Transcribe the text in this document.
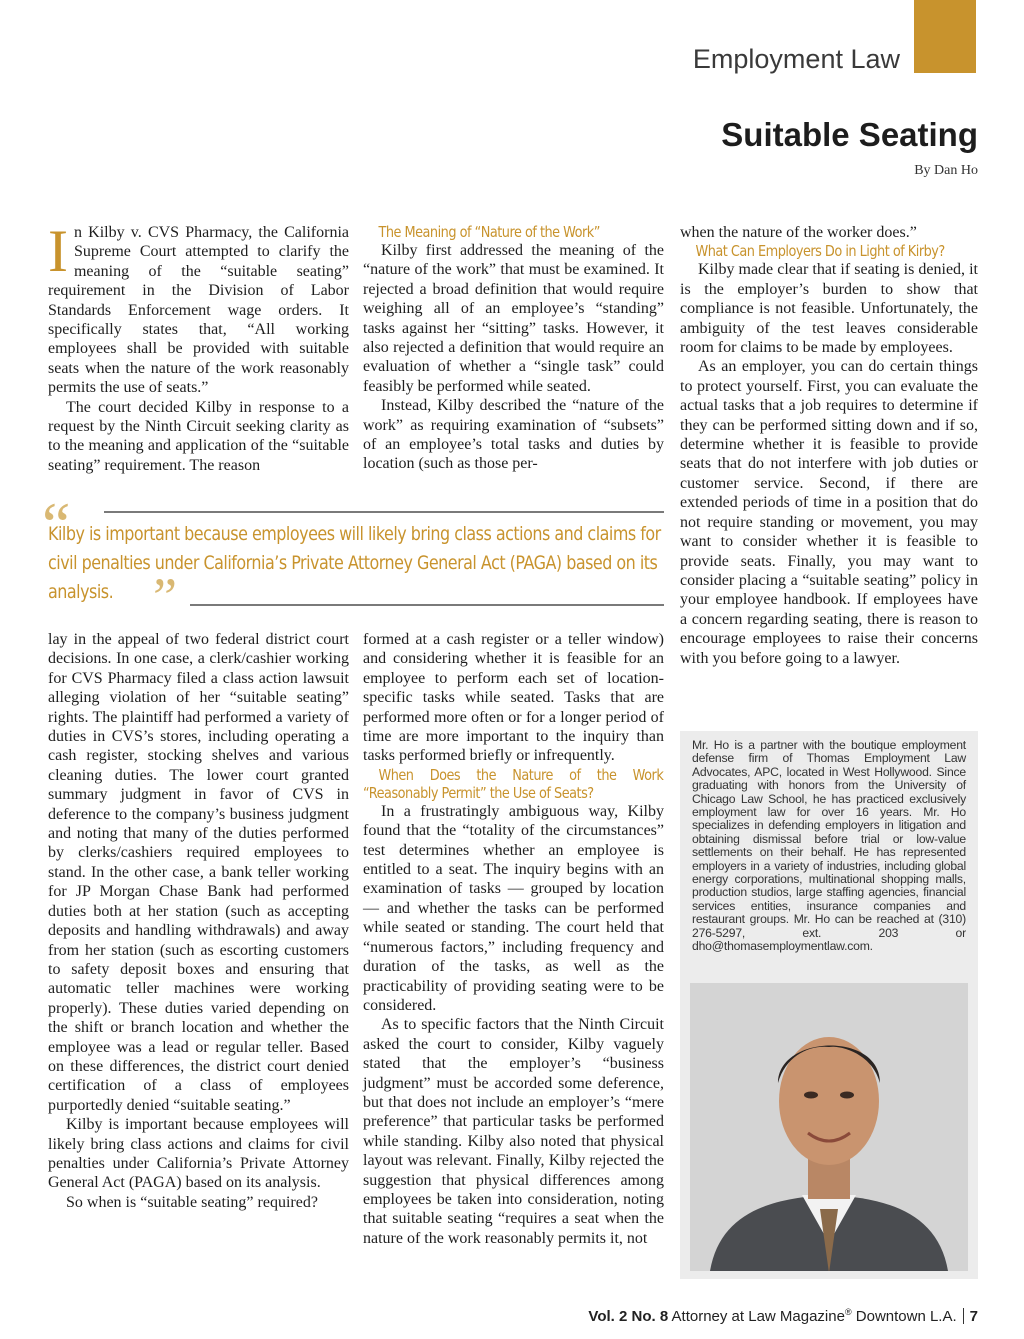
Employment Law
Suitable Seating
By Dan Ho

In Kilby v. CVS Pharmacy, the California Supreme Court attempted to clarify the meaning of the “suitable seating” requirement in the Division of Labor Standards Enforcement wage orders. It specifically states that, “All working employees shall be provided with suitable seats when the nature of the work reasonably permits the use of seats.”

The court decided Kilby in response to a request by the Ninth Circuit seeking clarity as to the meaning and application of the “suitable seating” requirement. The reason

The Meaning of “Nature of the Work”

Kilby first addressed the meaning of the “nature of the work” that must be examined. It rejected a broad definition that would require weighing all of an employee’s “standing” tasks against her “sitting” tasks. However, it also rejected a definition that would require an evaluation of whether a “single task” could feasibly be performed while seated.

Instead, Kilby described the “nature of the work” as requiring examination of “subsets” of an employee’s total tasks and duties by location (such as those per-

“
Kilby is important because employees will likely bring class actions and claims for civil penalties under California’s Private Attorney General Act (PAGA) based on its analysis. ”

lay in the appeal of two federal district court decisions. In one case, a clerk/cashier working for CVS Pharmacy filed a class action lawsuit alleging violation of her “suitable seating” rights. The plaintiff had performed a variety of duties in CVS’s stores, including operating a cash register, stocking shelves and various cleaning duties. The lower court granted summary judgment in favor of CVS in deference to the company’s business judgment and noting that many of the duties performed by clerks/cashiers required employees to stand. In the other case, a bank teller working for JP Morgan Chase Bank had performed duties both at her station (such as accepting deposits and handling withdrawals) and away from her station (such as escorting customers to safety deposit boxes and ensuring that automatic teller machines were working properly). These duties varied depending on the shift or branch location and whether the employee was a lead or regular teller. Based on these differences, the district court denied certification of a class of employees purportedly denied “suitable seating.”

Kilby is important because employees will likely bring class actions and claims for civil penalties under California’s Private Attorney General Act (PAGA) based on its analysis.

So when is “suitable seating” required?

formed at a cash register or a teller window) and considering whether it is feasible for an employee to perform each set of location-specific tasks while seated. Tasks that are performed more often or for a longer period of time are more important to the inquiry than tasks performed briefly or infrequently.

When Does the Nature of the Work “Reasonably Permit” the Use of Seats?

In a frustratingly ambiguous way, Kilby found that the “totality of the circumstances” test determines whether an employee is entitled to a seat. The inquiry begins with an examination of tasks — grouped by location — and whether the tasks can be performed while seated or standing. The court held that “numerous factors,” including frequency and duration of the tasks, as well as the practicability of providing seating were to be considered.

As to specific factors that the Ninth Circuit asked the court to consider, Kilby vaguely stated that the employer’s “business judgment” must be accorded some deference, but that does not include an employer’s “mere preference” that particular tasks be performed while standing. Kilby also noted that physical layout was relevant. Finally, Kilby rejected the suggestion that physical differences among employees be taken into consideration, noting that suitable seating “requires a seat when the nature of the work reasonably permits it, not

when the nature of the worker does.”

What Can Employers Do in Light of Kirby?

Kilby made clear that if seating is denied, it is the employer’s burden to show that compliance is not feasible. Unfortunately, the ambiguity of the test leaves considerable room for claims to be made by employees.

As an employer, you can do certain things to protect yourself. First, you can evaluate the actual tasks that a job requires to determine if they can be performed sitting down and if so, determine whether it is feasible to provide seats that do not interfere with job duties or customer service. Second, if there are extended periods of time in a position that do not require standing or movement, you may want to consider whether it is feasible to provide seats. Finally, you may want to consider placing a “suitable seating” policy in your employee handbook. If employees have a concern regarding seating, there is reason to encourage employees to raise their concerns with you before going to a lawyer.

Mr. Ho is a partner with the boutique employment defense firm of Thomas Employment Law Advocates, APC, located in West Hollywood. Since graduating with honors from the University of Chicago Law School, he has practiced exclusively employment law for over 16 years. Mr. Ho specializes in defending employers in litigation and obtaining dismissal before trial or low-value settlements on their behalf. He has represented employers in a variety of industries, including global energy corporations, multinational shopping malls, production studios, large staffing agencies, financial services entities, insurance companies and restaurant groups. Mr. Ho can be reached at (310) 276-5297, ext. 203 or dho@thomasemploymentlaw.com.
Vol. 2 No. 8 Attorney at Law Magazine® Downtown L.A. 7
